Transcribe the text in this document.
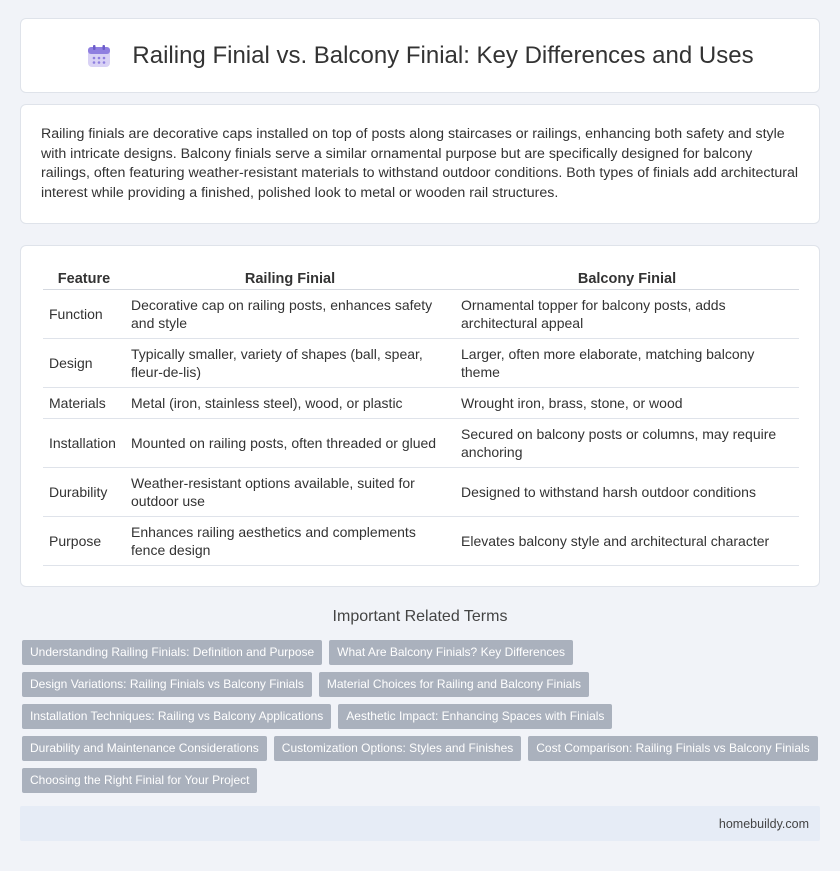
Railing Finial vs. Balcony Finial: Key Differences and Uses

Railing finials are decorative caps installed on top of posts along staircases or railings, enhancing both safety and style with intricate designs. Balcony finials serve a similar ornamental purpose but are specifically designed for balcony railings, often featuring weather-resistant materials to withstand outdoor conditions. Both types of finials add architectural interest while providing a finished, polished look to metal or wooden rail structures.

Feature	Railing Finial	Balcony Finial
Function	Decorative cap on railing posts, enhances safety and style	Ornamental topper for balcony posts, adds architectural appeal
Design	Typically smaller, variety of shapes (ball, spear, fleur-de-lis)	Larger, often more elaborate, matching balcony theme
Materials	Metal (iron, stainless steel), wood, or plastic	Wrought iron, brass, stone, or wood
Installation	Mounted on railing posts, often threaded or glued	Secured on balcony posts or columns, may require anchoring
Durability	Weather-resistant options available, suited for outdoor use	Designed to withstand harsh outdoor conditions
Purpose	Enhances railing aesthetics and complements fence design	Elevates balcony style and architectural character
Important Related Terms
Understanding Railing Finials: Definition and Purpose	What Are Balcony Finials? Key Differences
Design Variations: Railing Finials vs Balcony Finials	Material Choices for Railing and Balcony Finials
Installation Techniques: Railing vs Balcony Applications	Aesthetic Impact: Enhancing Spaces with Finials
Durability and Maintenance Considerations	Customization Options: Styles and Finishes	Cost Comparison: Railing Finials vs Balcony Finials
Choosing the Right Finial for Your Project
homebuildy.com
